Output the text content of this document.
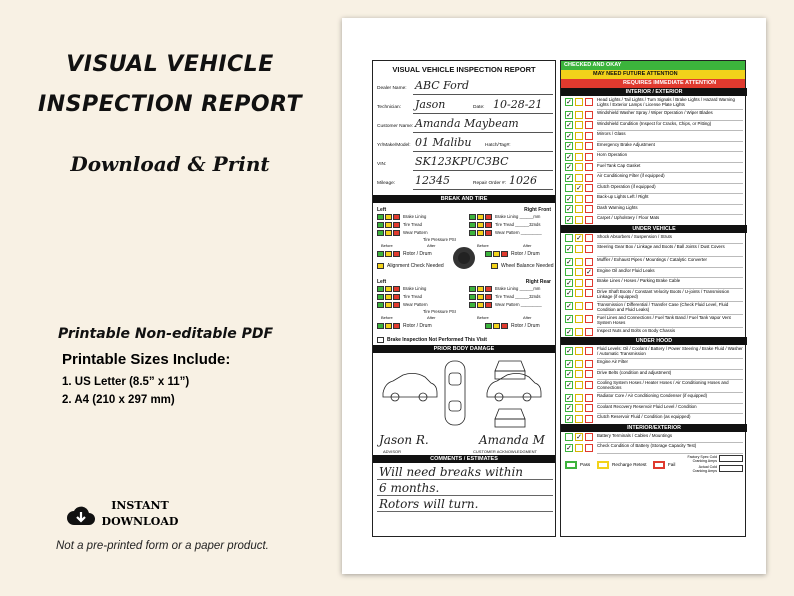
VISUAL VEHICLE
INSPECTION REPORT
Download & Print
Printable Non-editable PDF
Printable Sizes Include:
1. US Letter (8.5” x 11”)
2. A4 (210 x 297 mm)
INSTANT
DOWNLOAD
Not a pre-printed form or a paper product.
VISUAL VEHICLE INSPECTION REPORT
Dealer Name: ABC Ford
Technician: Jason	Date: 10-28-21
Customer Name: Amanda Maybeam
Yr/Make/Model: 01 Malibu	Hatch/Tag#:
VIN:	SK123KPUC3BC
Mileage: 12345	Repair Order #: 1026
BREAK AND TIRE
Left	Right Front
Brake Lining	Brake Lining ______mm
Tire Tread	Tire Tread ______32nds
Wear Pattern	Wear Pattern _________
Tire Pressure PSI
Before	After	Before	After
Left	Right Rear
Brake Lining	Brake Lining ______mm
Tire Tread	Tire Tread ______32nds
Wear Pattern	Wear Pattern _________
Tire Pressure PSI
Before	After	Before	After
Rotor / Drum	Rotor / Drum
Rotor / Drum	Rotor / Drum
Alignment Check Needed	Wheel Balance Needed
Brake Inspection Not Performed This Visit
PRIOR BODY DAMAGE
Jason R.	Amanda M
ADVISOR	CUSTOMER ACKNOWLEDGMENT
COMMENTS / ESTIMATES
Will need breaks within
6 months.
Rotors will turn.
CHECKED AND OKAY
MAY NEED FUTURE ATTENTION
REQUIRES IMMEDIATE ATTENTION
INTERIOR / EXTERIOR
✓	Head Lights / Tail Lights / Turn Signals / Brake Lights / Hazard Warning Lights / Exterior Lamps / License Plate Lights
✓	Windshield Washer Spray / Wiper Operation / Wiper Blades
✓	Windshield Condition (Inspect for Cracks, Chips, or Pitting)
✓	Mirrors / Glass
✓	Emergency Brake Adjustment
✓	Horn Operation
✓	Fuel Tank Cap Gasket
✓	Air Conditioning Filter (if equipped)
✓	Clutch Operation (if equipped)
✓	Back-up Lights Left / Right
✓	Dash Warning Lights
✓	Carpet / Upholstery / Floor Mats
UNDER VEHICLE
✓	Shock Absorbers / Suspension / Struts
✓	Steering Gear Box / Linkage and Boots / Ball Joints / Dust Covers
✓	Muffler / Exhaust Pipes / Mountings / Catalytic Converter
✓ Engine Oil and/or Fluid Leaks
✓	Brake Lines / Hoses / Parking Brake Cable
✓	Drive Shaft Boots / Constant Velocity Boots / U-joints / Transmission Linkage (if equipped)
✓	Transmission / Differential / Transfer Case (Check Fluid Level, Fluid Condition and Fluid Leaks)
✓	Fuel Lines and Connections / Fuel Tank Band / Fuel Tank Vapor Vent System Hoses
✓	Inspect Nuts and Bolts on Body Chassis
UNDER HOOD
✓	Fluid Levels: Oil / Coolant / Battery / Power Steering / Brake Fluid / Washer / Automatic Transmission
✓	Engine Air Filter
✓	Drive Belts (condition and adjustment)
✓	Cooling System Hoses / Heater Hoses / Air Conditioning Hoses and Connections
✓	Radiator Core / Air Conditioning Condenser (if equipped)
✓	Coolant Recovery Reservoir Fluid Level / Condition
✓	Clutch Reservoir Fluid / Condition (as equipped)
INTERIOR/EXTERIOR
✓	Battery Terminals / Cables / Mountings
✓	Check Condition of Battery (Storage Capacity Test)
Pass	Recharge Retest	Fail
Factory Spec Cold Cranking Amps
Actual Cold Cranking Amps
